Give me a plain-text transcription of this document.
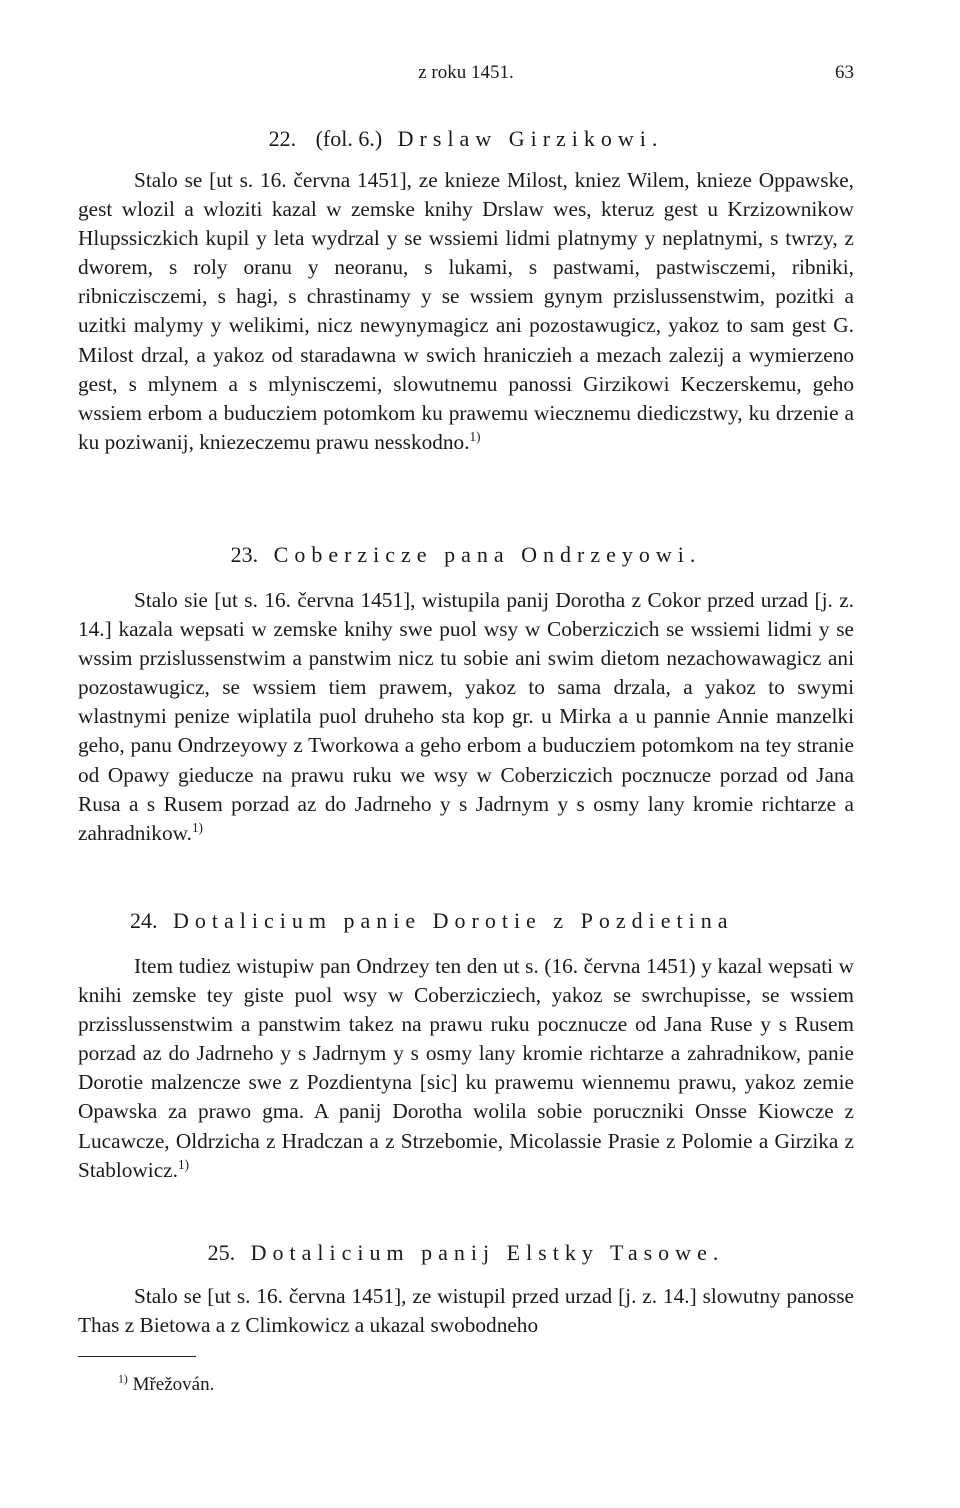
z roku 1451.	63
22. (fol. 6.) Drslaw Girzikowi.

Stalo se [ut s. 16. června 1451], ze knieze Milost, kniez Wilem, knieze Oppawske, gest wlozil a wloziti kazal w zemske knihy Drslaw wes, kteruz gest u Krzizownikow Hlupssiczkich kupil y leta wydrzal y se wssiemi lidmi platnymy y neplatnymi, s twrzy, z dworem, s roly oranu y neoranu, s lukami, s pastwami, pastwisczemi, ribniki, ribniczisczemi, s hagi, s chrastinamy y se wssiem gynym przislussenstwim, pozitki a uzitki malymy y welikimi, nicz newynymagicz ani pozostawugicz, yakoz to sam gest G. Milost drzal, a yakoz od staradawna w swich hraniczieh a mezach zalezij a wymierzeno gest, s mlynem a s mlynisczemi, slowutnemu panossi Girzikowi Keczerskemu, geho wssiem erbom a buducziem potomkom ku prawemu wiecznemu diediczstwy, ku drzenie a ku poziwanij, kniezeczemu prawu nesskodno.$^{1)}$

23. Coberzicze pana Ondrzeyowi.

Stalo sie [ut s. 16. června 1451], wistupila panij Dorotha z Cokor przed urzad [j. z. 14.] kazala wepsati w zemske knihy swe puol wsy w Coberziczich se wssiemi lidmi y se wssim przislussenstwim a panstwim nicz tu sobie ani swim dietom nezachowawagicz ani pozostawugicz, se wssiem tiem prawem, yakoz to sama drzala, a yakoz to swymi wlastnymi penize wiplatila puol druheho sta kop gr. u Mirka a u pannie Annie manzelki geho, panu Ondrzeyowy z Tworkowa a geho erbom a buducziem potomkom na tey stranie od Opawy gieducze na prawu ruku we wsy w Coberziczich pocznucze porzad od Jana Rusa a s Rusem porzad az do Jadrneho y s Jadrnym y s osmy lany kromie richtarze a zahradnikow.$^{1)}$

24. Dotalicium panie Dorotie z Pozdietina

Item tudiez wistupiw pan Ondrzey ten den ut s. (16. června 1451) y kazal wepsati w knihi zemske tey giste puol wsy w Coberzicziech, yakoz se swrchupisse, se wssiem przisslussenstwim a panstwim takez na prawu ruku pocznucze od Jana Ruse y s Rusem porzad az do Jadrneho y s Jadrnym y s osmy lany kromie richtarze a zahradnikow, panie Dorotie malzencze swe z Pozdientyna [sic] ku prawemu wiennemu prawu, yakoz zemie Opawska za prawo gma. A panij Dorotha wolila sobie poruczniki Onsse Kiowcze z Lucawcze, Oldrzicha z Hradczan a z Strzebomie, Micolassie Prasie z Polomie a Girzika z Stablowicz.$^{1)}$

25. Dotalicium panij Elstky Tasowe.

Stalo se [ut s. 16. června 1451], ze wistupil przed urzad [j. z. 14.] slowutny panosse Thas z Bietowa a z Climkowicz a ukazal swobodneho

$^{1)}$ Mřežován.
